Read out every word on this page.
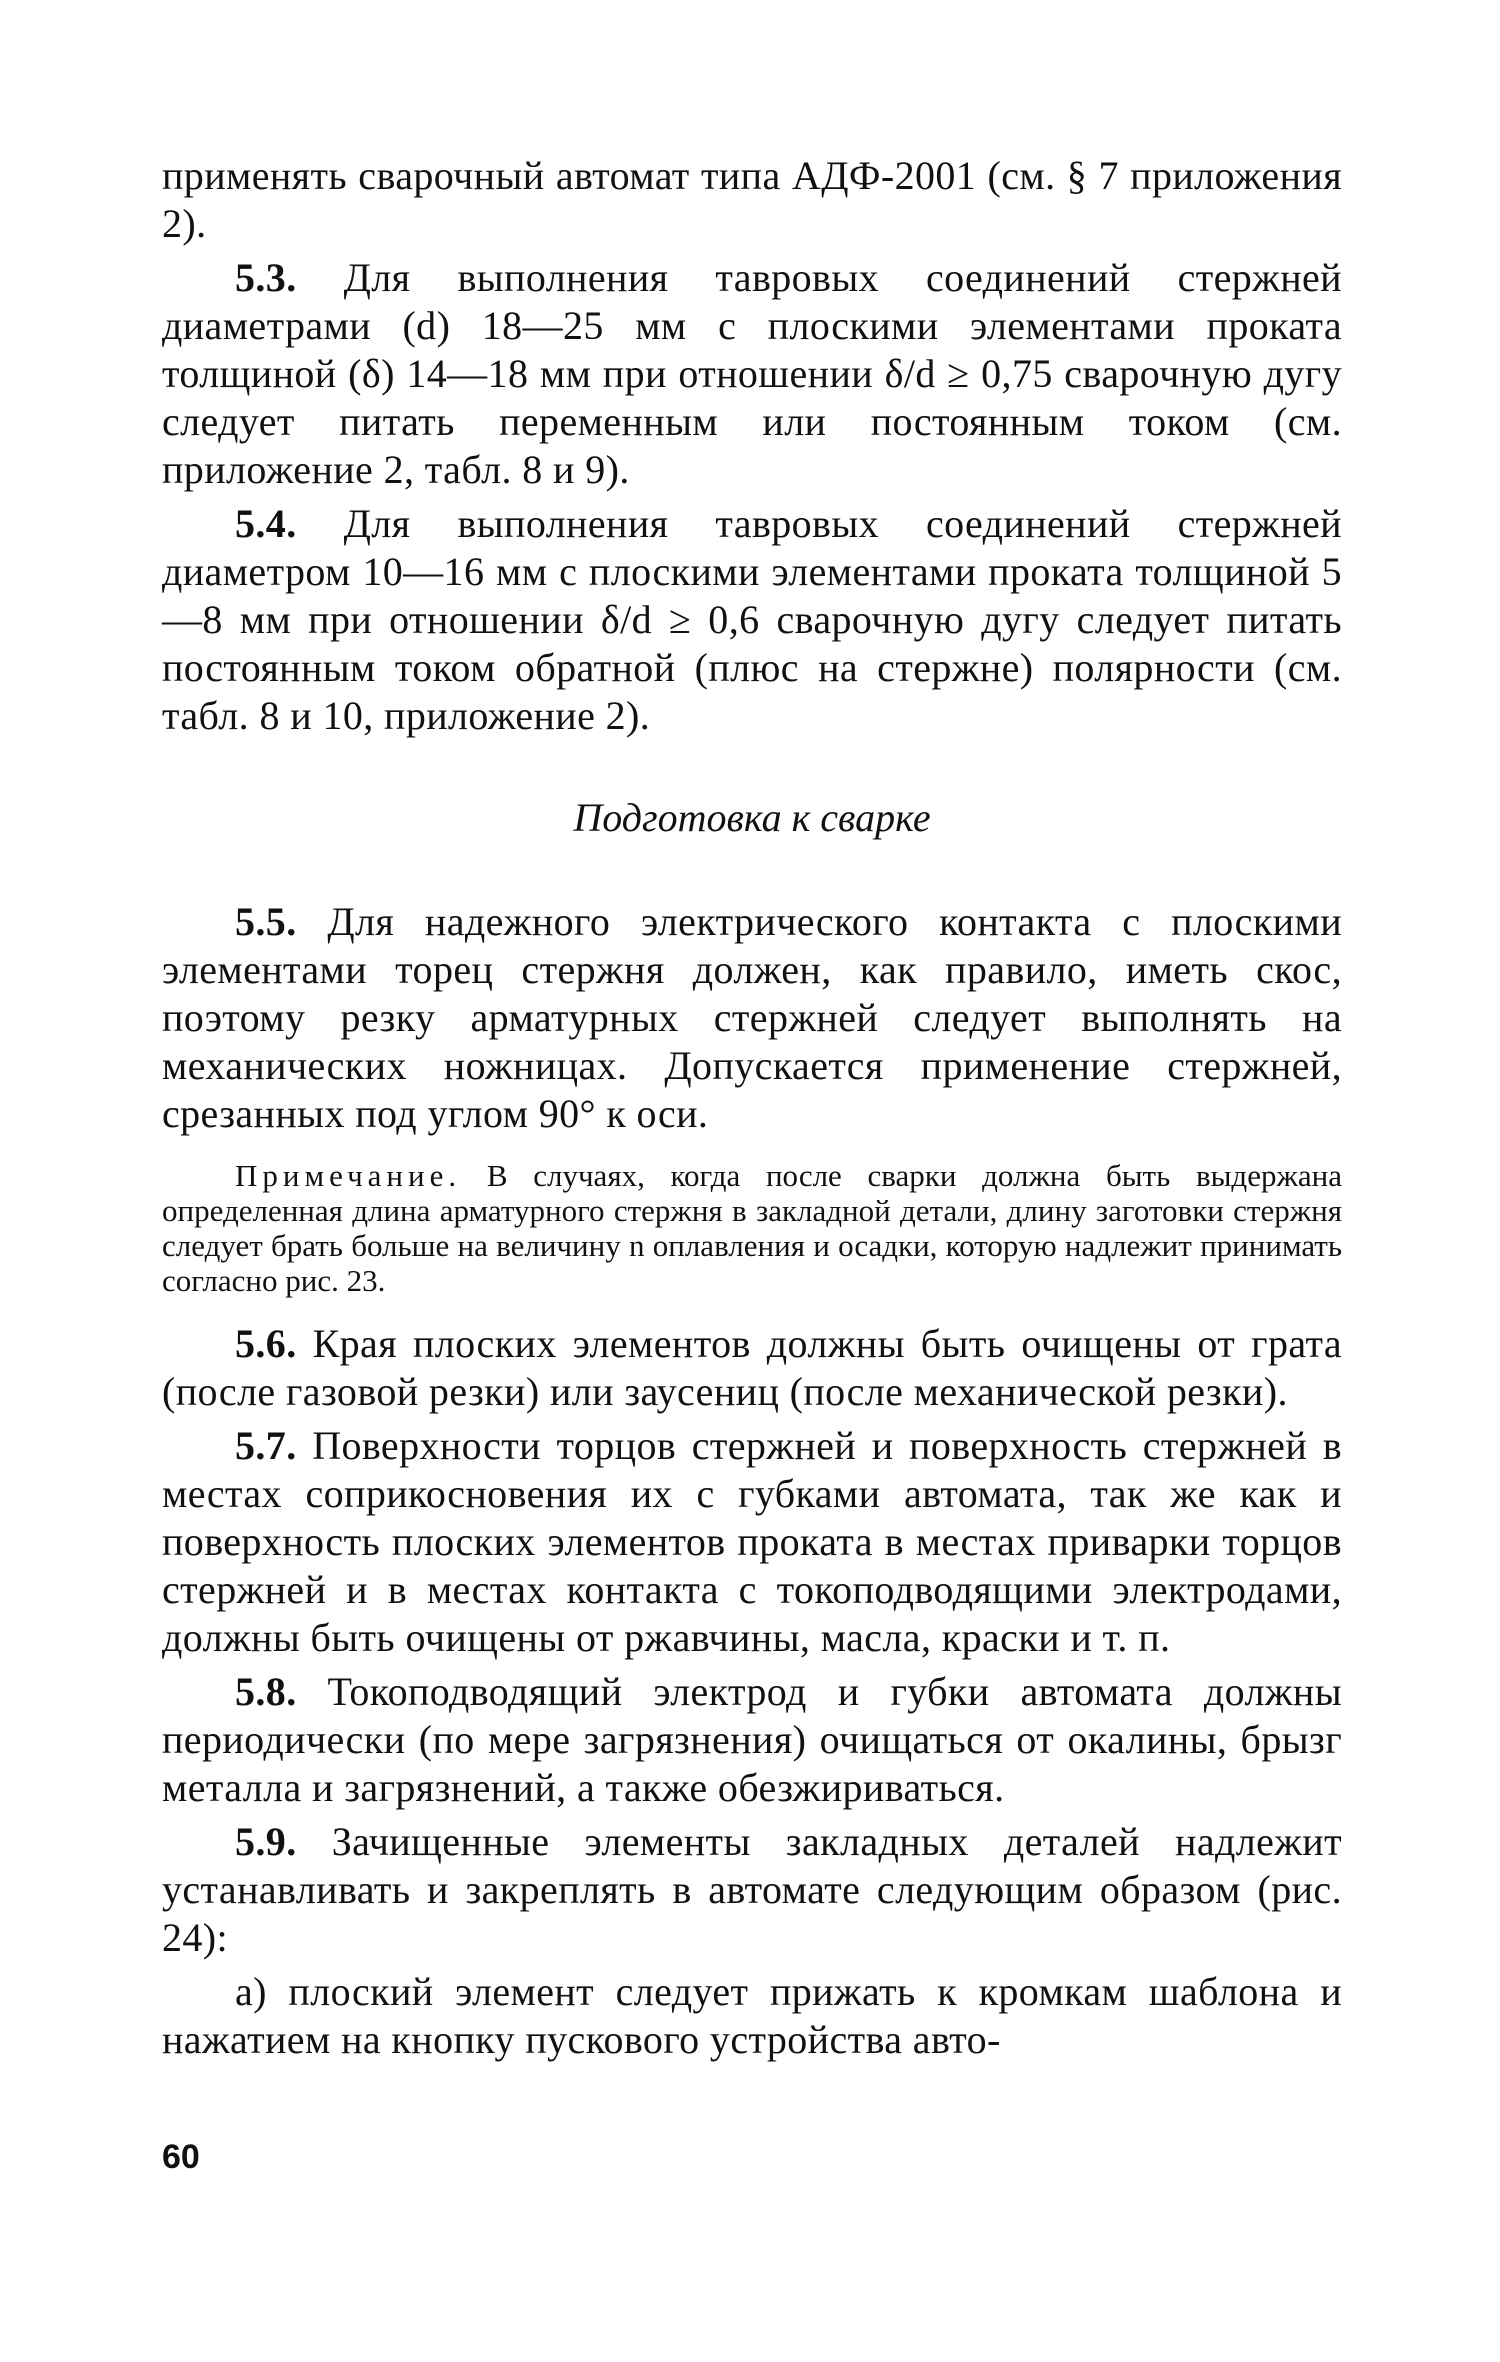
применять сварочный автомат типа АДФ-2001 (см. § 7 приложения 2).

5.3. Для выполнения тавровых соединений стержней диаметрами (d) 18—25 мм с плоскими элементами проката толщиной (δ) 14—18 мм при отношении δ/d ≥ 0,75 сварочную дугу следует питать переменным или постоянным током (см. приложение 2, табл. 8 и 9).

5.4. Для выполнения тавровых соединений стержней диаметром 10—16 мм с плоскими элементами проката толщиной 5—8 мм при отношении δ/d ≥ 0,6 сварочную дугу следует питать постоянным током обратной (плюс на стержне) полярности (см. табл. 8 и 10, приложение 2).

Подготовка к сварке

5.5. Для надежного электрического контакта с плоскими элементами торец стержня должен, как правило, иметь скос, поэтому резку арматурных стержней следует выполнять на механических ножницах. Допускается применение стержней, срезанных под углом 90° к оси.

Примечание. В случаях, когда после сварки должна быть выдержана определенная длина арматурного стержня в закладной детали, длину заготовки стержня следует брать больше на величину n оплавления и осадки, которую надлежит принимать согласно рис. 23.

5.6. Края плоских элементов должны быть очищены от грата (после газовой резки) или заусениц (после механической резки).

5.7. Поверхности торцов стержней и поверхность стержней в местах соприкосновения их с губками автомата, так же как и поверхность плоских элементов проката в местах приварки торцов стержней и в местах контакта с токоподводящими электродами, должны быть очищены от ржавчины, масла, краски и т. п.

5.8. Токоподводящий электрод и губки автомата должны периодически (по мере загрязнения) очищаться от окалины, брызг металла и загрязнений, а также обезжириваться.

5.9. Зачищенные элементы закладных деталей надлежит устанавливать и закреплять в автомате следующим образом (рис. 24):

а) плоский элемент следует прижать к кромкам шаблона и нажатием на кнопку пускового устройства авто-

60
